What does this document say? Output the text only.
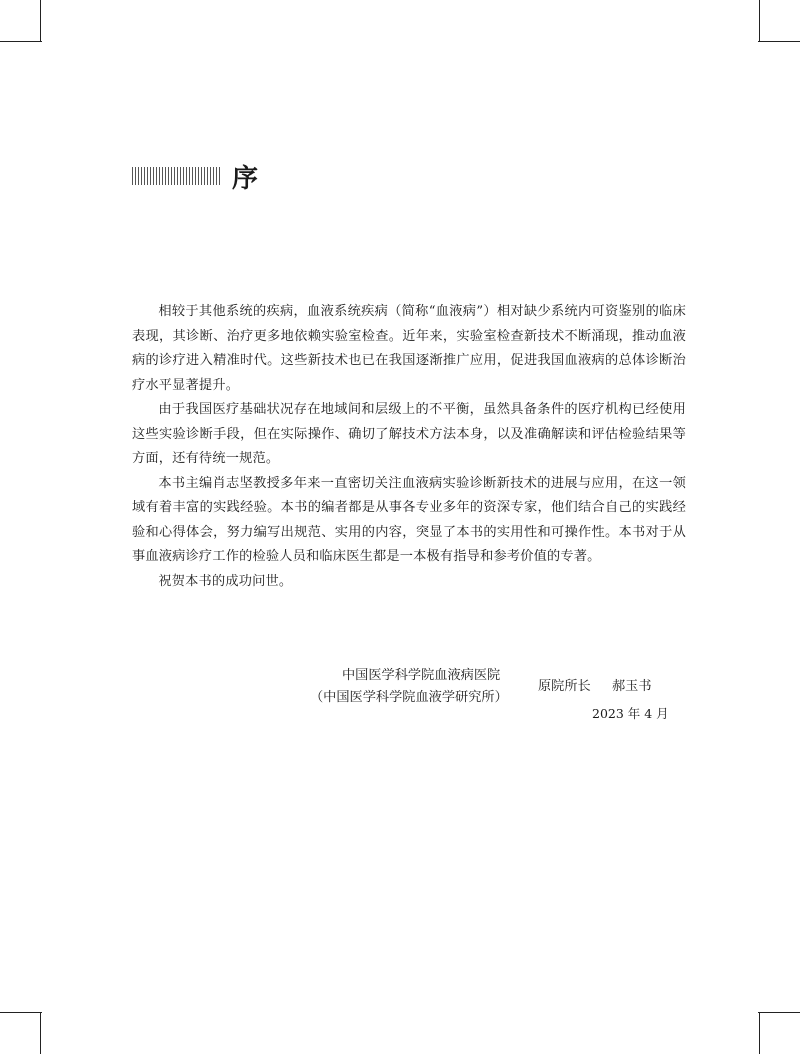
序

相较于其他系统的疾病，血液系统疾病（简称“血液病”）相对缺少系统内可资鉴别的临床表现，其诊断、治疗更多地依赖实验室检查。近年来，实验室检查新技术不断涌现，推动血液病的诊疗进入精准时代。这些新技术也已在我国逐渐推广应用，促进我国血液病的总体诊断治疗水平显著提升。

由于我国医疗基础状况存在地域间和层级上的不平衡，虽然具备条件的医疗机构已经使用这些实验诊断手段，但在实际操作、确切了解技术方法本身，以及准确解读和评估检验结果等方面，还有待统一规范。

本书主编肖志坚教授多年来一直密切关注血液病实验诊断新技术的进展与应用，在这一领域有着丰富的实践经验。本书的编者都是从事各专业多年的资深专家，他们结合自己的实践经验和心得体会，努力编写出规范、实用的内容，突显了本书的实用性和可操作性。本书对于从事血液病诊疗工作的检验人员和临床医生都是一本极有指导和参考价值的专著。

祝贺本书的成功问世。

中国医学科学院血液病医院
（中国医学科学院血液学研究所）
原院所长 郝玉书
2023 年 4 月
